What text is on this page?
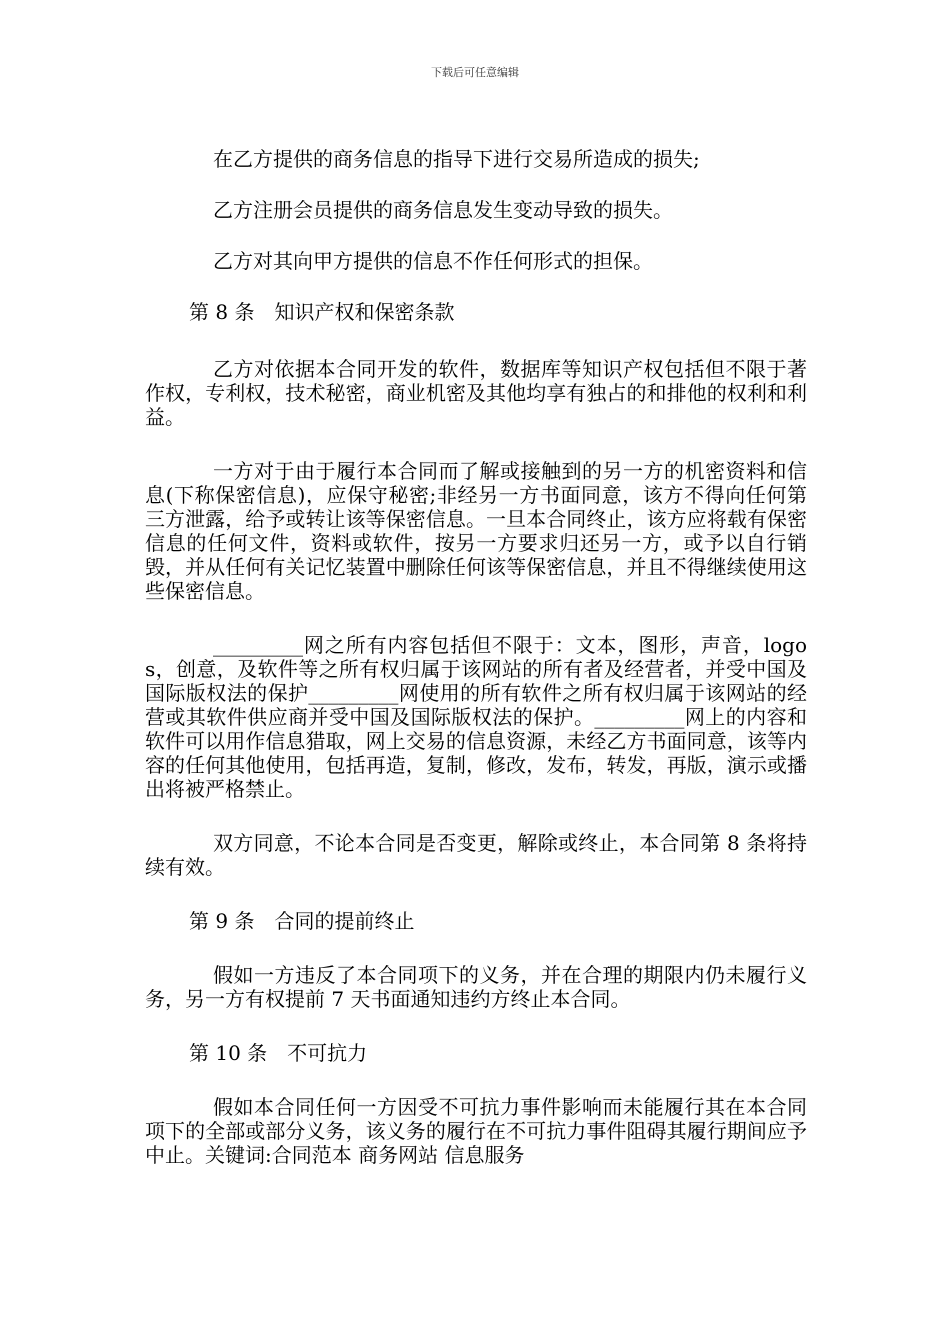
下载后可任意编辑

在乙方提供的商务信息的指导下进行交易所造成的损失;

乙方注册会员提供的商务信息发生变动导致的损失。

乙方对其向甲方提供的信息不作任何形式的担保。

第 8 条　知识产权和保密条款

乙方对依据本合同开发的软件，数据库等知识产权包括但不限于著作权，专利权，技术秘密，商业机密及其他均享有独占的和排他的权利和利益。

一方对于由于履行本合同而了解或接触到的另一方的机密资料和信息(下称保密信息)，应保守秘密;非经另一方书面同意，该方不得向任何第三方泄露，给予或转让该等保密信息。一旦本合同终止，该方应将载有保密信息的任何文件，资料或软件，按另一方要求归还另一方，或予以自行销毁，并从任何有关记忆装置中删除任何该等保密信息，并且不得继续使用这些保密信息。

_________网之所有内容包括但不限于：文本，图形，声音，logos，创意，及软件等之所有权归属于该网站的所有者及经营者，并受中国及国际版权法的保护_________网使用的所有软件之所有权归属于该网站的经营或其软件供应商并受中国及国际版权法的保护。_________网上的内容和软件可以用作信息猎取，网上交易的信息资源，未经乙方书面同意，该等内容的任何其他使用，包括再造，复制，修改，发布，转发，再版，演示或播出将被严格禁止。

双方同意，不论本合同是否变更，解除或终止，本合同第 8 条将持续有效。

第 9 条　合同的提前终止

假如一方违反了本合同项下的义务，并在合理的期限内仍未履行义务，另一方有权提前 7 天书面通知违约方终止本合同。

第 10 条　不可抗力

假如本合同任何一方因受不可抗力事件影响而未能履行其在本合同项下的全部或部分义务，该义务的履行在不可抗力事件阻碍其履行期间应予中止。关键词:合同范本 商务网站 信息服务
